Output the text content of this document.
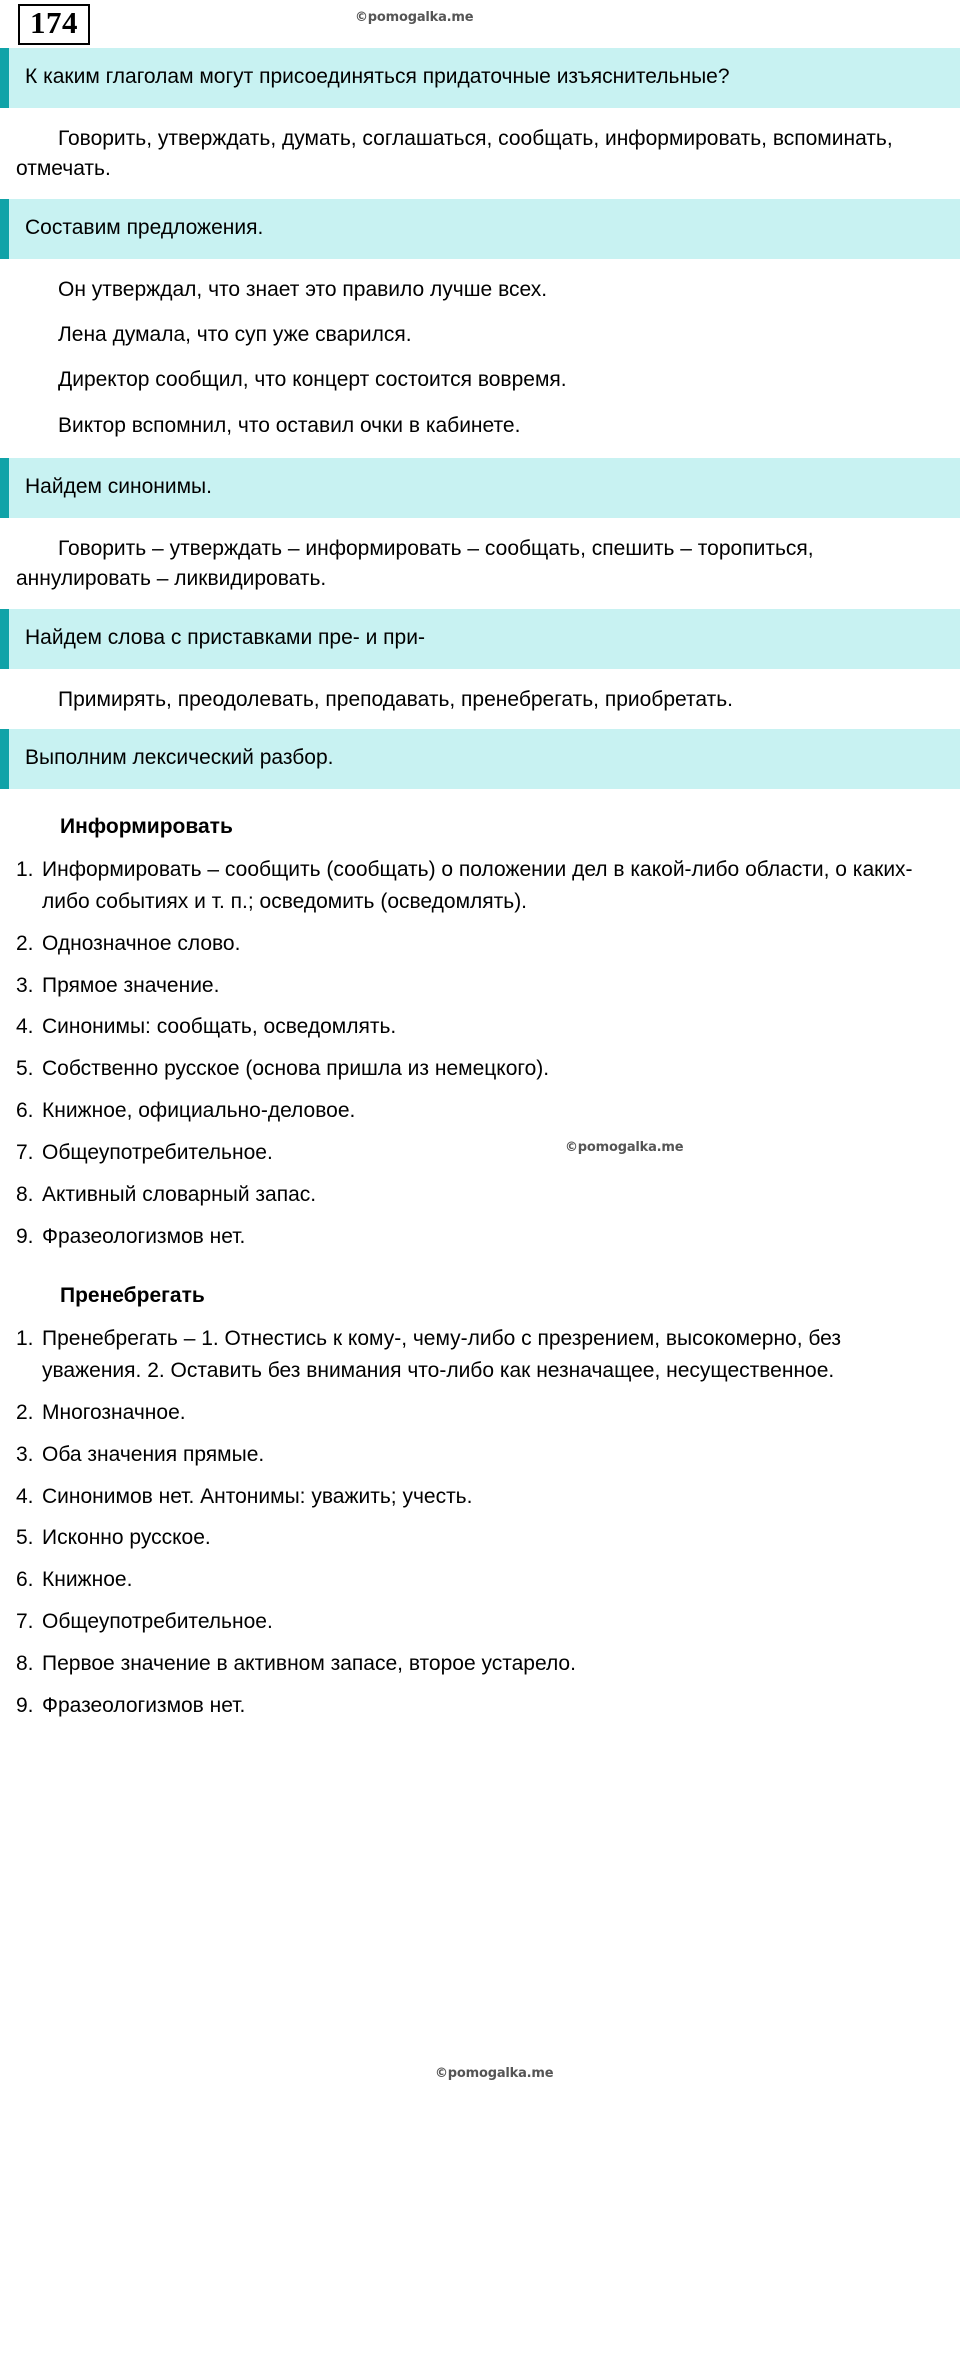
174	©pomogalka.me
К каким глаголам могут присоединяться придаточные изъяснительные?
Говорить, утверждать, думать, соглашаться, сообщать, информировать, вспоминать, отмечать.
Составим предложения.
Он утверждал, что знает это правило лучше всех.
Лена думала, что суп уже сварился.
Директор сообщил, что концерт состоится вовремя.
Виктор вспомнил, что оставил очки в кабинете.
Найдем синонимы.
Говорить – утверждать – информировать – сообщать, спешить – торопиться, аннулировать – ликвидировать.
Найдем слова с приставками пре- и при-
Примирять, преодолевать, преподавать, пренебрегать, приобретать.
Выполним лексический разбор.
©pomogalka.me
Информировать
1. Информировать – сообщить (сообщать) о положении дел в какой-либо области, о каких-либо событиях и т. п.; осведомить (осведомлять).
2. Однозначное слово.
3. Прямое значение.
4. Синонимы: сообщать, осведомлять.
5. Собственно русское (основа пришла из немецкого).
6. Книжное, официально-деловое.
7. Общеупотребительное.
8. Активный словарный запас.
9. Фразеологизмов нет.
Пренебрегать
1. Пренебрегать – 1. Отнестись к кому-, чему-либо с презрением, высокомерно, без уважения. 2. Оставить без внимания что-либо как незначащее, несущественное.
2. Многозначное.
3. Оба значения прямые.
4. Синонимов нет. Антонимы: уважить; учесть.
5. Исконно русское.
6. Книжное.
7. Общеупотребительное.
8. Первое значение в активном запасе, второе устарело.
9. Фразеологизмов нет.
©pomogalka.me
